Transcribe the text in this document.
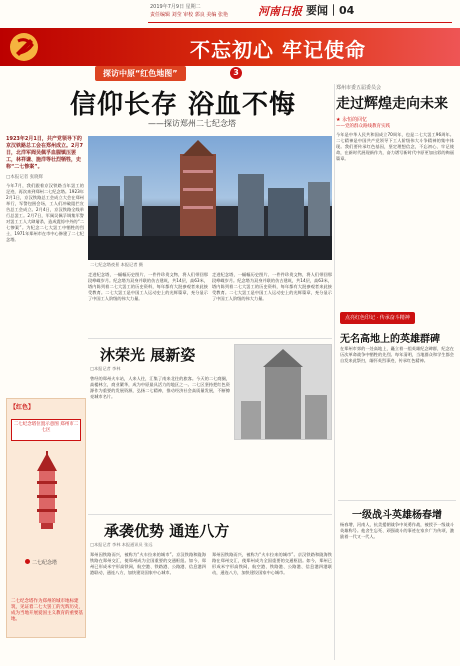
2019年7月9日 星期二
责任编辑 刘莹 审校 郭良 美编 张艳	河南日报 要闻｜04
不忘初心 牢记使命
探访中原“红色地图”	3
信仰长存 浴血不悔
——探访郑州二七纪念塔
1923年2月1日，共产党领导下的京汉铁路总工会在郑州成立。2月7日，北洋军阀吴佩孚血腥镇压罢工，林祥谦、施洋等壮烈牺牲，史称“二七惨案”。
□本报记者 张晓辉
今年7月，我们跟着京汉铁路当年罢工的足迹，再次来到郑州二七纪念塔。1923年2月1日，京汉铁路总工会成立大会在郑州举行，军警包围会场，工人们冲破阻拦宣告总工会成立。2月4日，京汉铁路全线举行总罢工。2月7日，军阀吴佩孚调集军警对罢工工人大肆屠杀，造成震惊中外的“二七惨案”。为纪念二七大罢工中牺牲的烈士，1971年郑州市在市中心修建了二七纪念塔。
【红色】
二七纪念塔位置示意图 郑州市二七区
二七纪念塔
二七纪念塔作为郑州的城市地标建筑，见证着二七大罢工的光辉历史，成为当地开展爱国主义教育的重要基地。
二七纪念塔夜景 本报记者 摄
走进纪念塔，一幅幅历史图片、一件件珍贵文物，将人们带回那段峥嵘岁月。纪念塔为双身并联的仿古建筑，共14层，高63米，塔内陈列着二七大罢工的历史资料，每年都有大批参观者来此接受教育。二七大罢工是中国工人运动史上的光辉篇章，充分显示了中国工人阶级的伟大力量。
走进纪念塔，一幅幅历史图片、一件件珍贵文物，将人们带回那段峥嵘岁月。纪念塔为双身并联的仿古建筑，共14层，高63米，塔内陈列着二七大罢工的历史资料，每年都有大批参观者来此接受教育。二七大罢工是中国工人运动史上的光辉篇章，充分显示了中国工人阶级的伟大力量。
沐荣光 展新姿
□本报记者 李林
曾经的郑州火车站，人来人往，汇集了南来北往的旅客。今天的二七商圈，高楼林立，商业繁华，成为中原最具活力的地区之一。二七区坚持把红色资源作为重要的发展资源，弘扬二七精神，推动经济社会高质量发展，不断擦亮城市名片。
承袭优势 通连八方
□本报记者 李林 本报通讯员 张远
郑州因铁路而兴，被称为“火车拉来的城市”。京汉铁路和陇海铁路在郑州交汇，使郑州成为全国重要的交通枢纽。如今，郑州已形成米字形高铁网，航空港、铁路港、公路港、信息港四港联动，通连八方，加快建设国家中心城市。
郑州因铁路而兴，被称为“火车拉来的城市”。京汉铁路和陇海铁路在郑州交汇，使郑州成为全国重要的交通枢纽。如今，郑州已形成米字形高铁网，航空港、铁路港、公路港、信息港四港联动，通连八方，加快建设国家中心城市。
郑州市委五届委员会
走过辉煌走向未来
★ 永恒的回忆
——党的群众路线教育实践
今年是中华人民共和国成立70周年，也是二七大罢工96周年。二七精神是中国共产党领导下工人阶级伟大斗争精神的集中体现。我们要传承红色基因，坚定理想信念，不忘初心、牢记使命，在新时代展现新作为，奋力谱写新时代中原更加出彩的绚丽篇章。
点亮红色印记 · 传承奋斗精神
无名高地上的英雄群碑
在郑州市郊的一处高地上，矗立着一组英雄纪念碑群，纪念在历次革命战争中牺牲的先烈。每年清明，当地群众和学生都会自发来此祭扫，缅怀英烈事迹，传承红色精神。
一级战斗英雄杨春增
杨春增，河南人，抗美援朝战争中英勇作战，被授予一级战斗英雄称号。他舍生忘死、顽强战斗的事迹在家乡广为传颂，激励着一代又一代人。
